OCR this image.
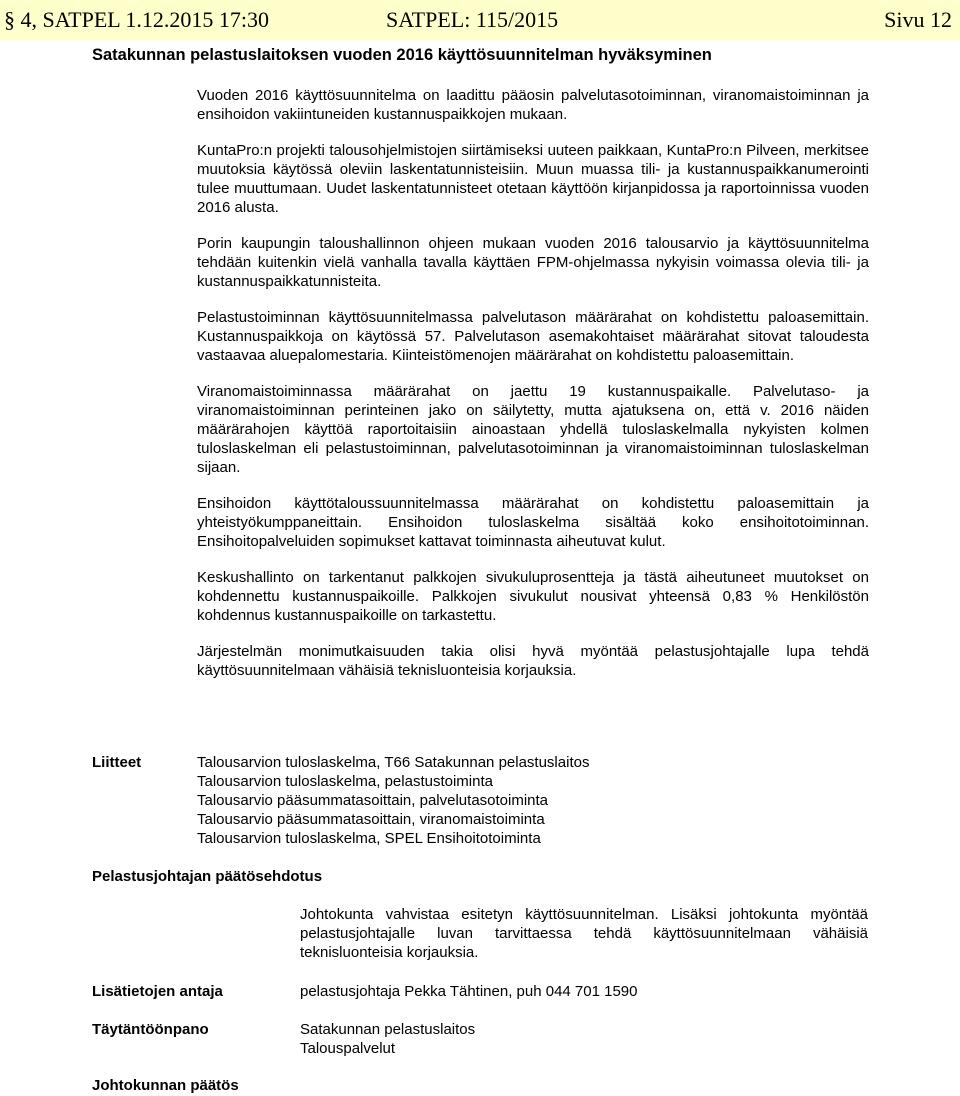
§ 4, SATPEL 1.12.2015 17:30	SATPEL: 115/2015	Sivu 12
Satakunnan pelastuslaitoksen vuoden 2016 käyttösuunnitelman hyväksyminen

Vuoden 2016 käyttösuunnitelma on laadittu pääosin palvelutasotoiminnan, viranomaistoiminnan ja ensihoidon vakiintuneiden kustannuspaikkojen mukaan.

KuntaPro:n projekti talousohjelmistojen siirtämiseksi uuteen paikkaan, KuntaPro:n Pilveen, merkitsee muutoksia käytössä oleviin laskentatunnisteisiin. Muun muassa tili- ja kustannuspaikkanumerointi tulee muuttumaan. Uudet laskentatunnisteet otetaan käyttöön kirjanpidossa ja raportoinnissa vuoden 2016 alusta.

Porin kaupungin taloushallinnon ohjeen mukaan vuoden 2016 talousarvio ja käyttösuunnitelma tehdään kuitenkin vielä vanhalla tavalla käyttäen FPM-ohjelmassa nykyisin voimassa olevia tili- ja kustannuspaikkatunnisteita.

Pelastustoiminnan käyttösuunnitelmassa palvelutason määrärahat on kohdistettu paloasemittain. Kustannuspaikkoja on käytössä 57. Palvelutason asemakohtaiset määrärahat sitovat taloudesta vastaavaa aluepalomestaria. Kiinteistömenojen määrärahat on kohdistettu paloasemittain.

Viranomaistoiminnassa määrärahat on jaettu 19 kustannuspaikalle. Palvelutaso- ja viranomaistoiminnan perinteinen jako on säilytetty, mutta ajatuksena on, että v. 2016 näiden määrärahojen käyttöä raportoitaisiin ainoastaan yhdellä tuloslaskelmalla nykyisten kolmen tuloslaskelman eli pelastustoiminnan, palvelutasotoiminnan ja viranomaistoiminnan tuloslaskelman sijaan.

Ensihoidon käyttötaloussuunnitelmassa määrärahat on kohdistettu paloasemittain ja yhteistyökumppaneittain. Ensihoidon tuloslaskelma sisältää koko ensihoitotoiminnan. Ensihoitopalveluiden sopimukset kattavat toiminnasta aiheutuvat kulut.

Keskushallinto on tarkentanut palkkojen sivukuluprosentteja ja tästä aiheutuneet muutokset on kohdennettu kustannuspaikoille. Palkkojen sivukulut nousivat yhteensä 0,83 % Henkilöstön kohdennus kustannuspaikoille on tarkastettu.

Järjestelmän monimutkaisuuden takia olisi hyvä myöntää pelastusjohtajalle lupa tehdä käyttösuunnitelmaan vähäisiä teknisluonteisia korjauksia.

Liitteet	Talousarvion tuloslaskelma, T66 Satakunnan pelastuslaitos
Talousarvion tuloslaskelma, pelastustoiminta
Talousarvio pääsummatasoittain, palvelutasotoiminta
Talousarvio pääsummatasoittain, viranomaistoiminta
Talousarvion tuloslaskelma, SPEL Ensihoitotoiminta
Pelastusjohtajan päätösehdotus

Johtokunta vahvistaa esitetyn käyttösuunnitelman. Lisäksi johtokunta myöntää pelastusjohtajalle luvan tarvittaessa tehdä käyttösuunnitelmaan vähäisiä teknisluonteisia korjauksia.

Lisätietojen antaja	pelastusjohtaja Pekka Tähtinen, puh 044 701 1590
Täytäntöönpano	Satakunnan pelastuslaitos
Talouspalvelut
Johtokunnan päätös
